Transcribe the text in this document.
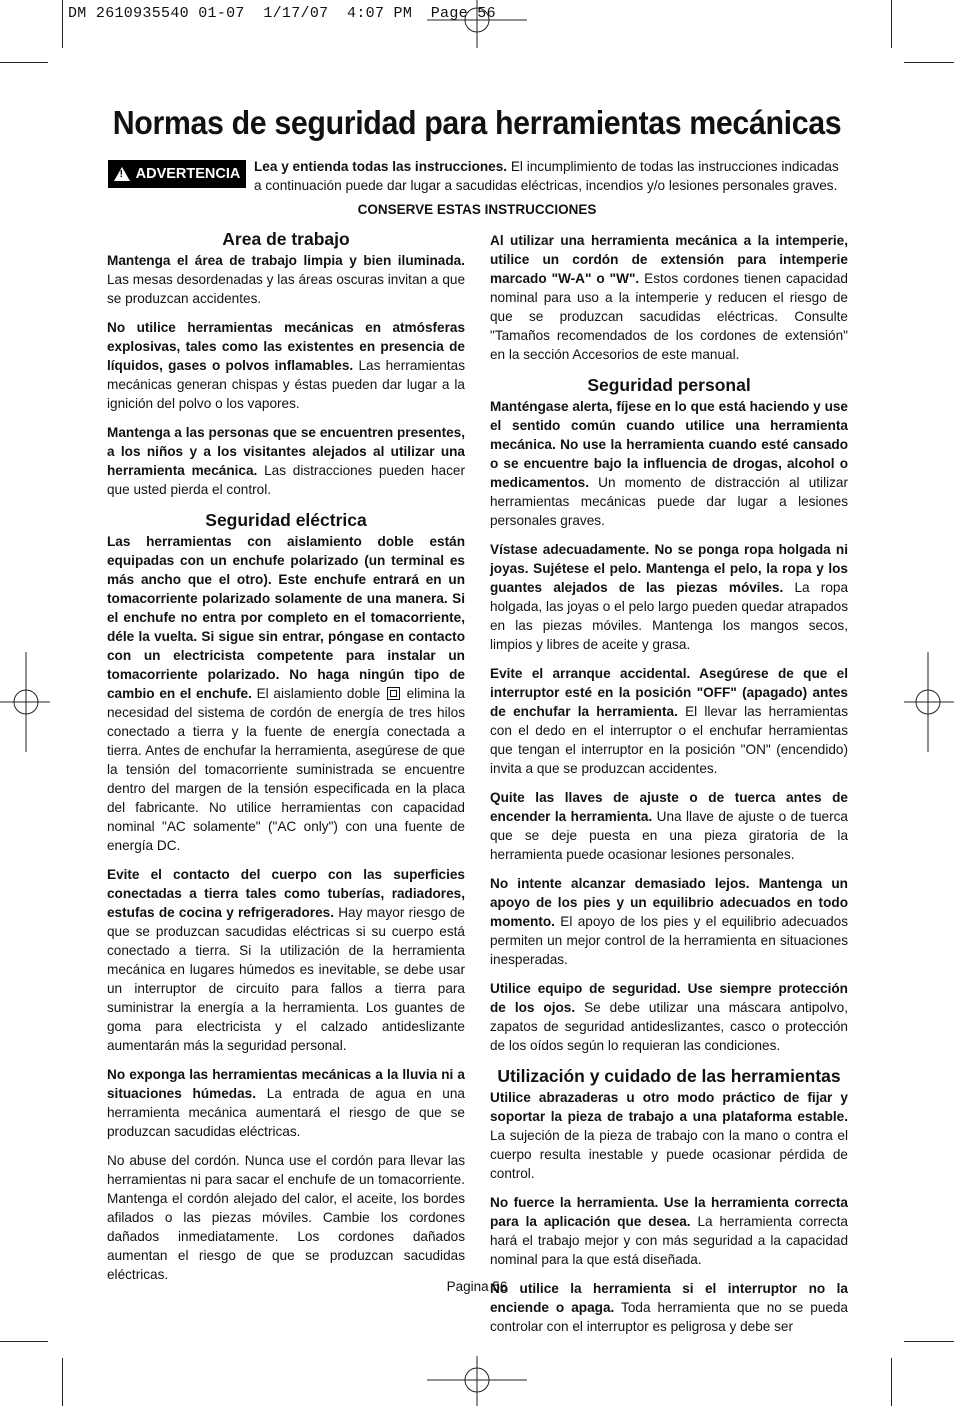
DM 2610935540 01-07  1/17/07  4:07 PM  Page 56
Normas de seguridad para herramientas mecánicas
! ADVERTENCIA Lea y entienda todas las instrucciones. El incumplimiento de todas las instrucciones indicadas a continuación puede dar lugar a sacudidas eléctricas, incendios y/o lesiones personales graves.
CONSERVE ESTAS INSTRUCCIONES
Area de trabajo

Mantenga el área de trabajo limpia y bien iluminada. Las mesas desordenadas y las áreas oscuras invitan a que se produzcan accidentes.

No utilice herramientas mecánicas en atmósferas explosivas, tales como las existentes en presencia de líquidos, gases o polvos inflamables. Las herramientas mecánicas generan chispas y éstas pueden dar lugar a la ignición del polvo o los vapores.

Mantenga a las personas que se encuentren presentes, a los niños y a los visitantes alejados al utilizar una herramienta mecánica. Las distracciones pueden hacer que usted pierda el control.

Seguridad eléctrica

Las herramientas con aislamiento doble están equipadas con un enchufe polarizado (un terminal es más ancho que el otro). Este enchufe entrará en un tomacorriente polarizado solamente de una manera. Si el enchufe no entra por completo en el tomacorriente, déle la vuelta. Si sigue sin entrar, póngase en contacto con un electricista competente para instalar un tomacorriente polarizado. No haga ningún tipo de cambio en el enchufe. El aislamiento doble  elimina la necesidad del sistema de cordón de energía de tres hilos conectado a tierra y la fuente de energía conectada a tierra. Antes de enchufar la herramienta, asegúrese de que la tensión del tomacorriente suministrada se encuentre dentro del margen de la tensión especificada en la placa del fabricante. No utilice herramientas con capacidad nominal "AC solamente" ("AC only") con una fuente de energía DC.

Evite el contacto del cuerpo con las superficies conectadas a tierra tales como tuberías, radiadores, estufas de cocina y refrigeradores. Hay mayor riesgo de que se produzcan sacudidas eléctricas si su cuerpo está conectado a tierra. Si la utilización de la herramienta mecánica en lugares húmedos es inevitable, se debe usar un interruptor de circuito para fallos a tierra para suministrar la energía a la herramienta. Los guantes de goma para electricista y el calzado antideslizante aumentarán más la seguridad personal.

No exponga las herramientas mecánicas a la lluvia ni a situaciones húmedas. La entrada de agua en una herramienta mecánica aumentará el riesgo de que se produzcan sacudidas eléctricas.

No abuse del cordón. Nunca use el cordón para llevar las herramientas ni para sacar el enchufe de un tomacorriente. Mantenga el cordón alejado del calor, el aceite, los bordes afilados o las piezas móviles. Cambie los cordones dañados inmediatamente. Los cordones dañados aumentan el riesgo de que se produzcan sacudidas eléctricas.

Al utilizar una herramienta mecánica a la intemperie, utilice un cordón de extensión para intemperie marcado "W-A" o "W". Estos cordones tienen capacidad nominal para uso a la intemperie y reducen el riesgo de que se produzcan sacudidas eléctricas. Consulte "Tamaños recomendados de los cordones de extensión" en la sección Accesorios de este manual.

Seguridad personal

Manténgase alerta, fíjese en lo que está haciendo y use el sentido común cuando utilice una herramienta mecánica. No use la herramienta cuando esté cansado o se encuentre bajo la influencia de drogas, alcohol o medicamentos. Un momento de distracción al utilizar herramientas mecánicas puede dar lugar a lesiones personales graves.

Vístase adecuadamente. No se ponga ropa holgada ni joyas. Sujétese el pelo. Mantenga el pelo, la ropa y los guantes alejados de las piezas móviles. La ropa holgada, las joyas o el pelo largo pueden quedar atrapados en las piezas móviles. Mantenga los mangos secos, limpios y libres de aceite y grasa.

Evite el arranque accidental. Asegúrese de que el interruptor esté en la posición "OFF" (apagado) antes de enchufar la herramienta. El llevar las herramientas con el dedo en el interruptor o el enchufar herramientas que tengan el interruptor en la posición "ON" (encendido) invita a que se produzcan accidentes.

Quite las llaves de ajuste o de tuerca antes de encender la herramienta. Una llave de ajuste o de tuerca que se deje puesta en una pieza giratoria de la herramienta puede ocasionar lesiones personales.

No intente alcanzar demasiado lejos. Mantenga un apoyo de los pies y un equilibrio adecuados en todo momento. El apoyo de los pies y el equilibrio adecuados permiten un mejor control de la herramienta en situaciones inesperadas.

Utilice equipo de seguridad. Use siempre protección de los ojos. Se debe utilizar una máscara antipolvo, zapatos de seguridad antideslizantes, casco o protección de los oídos según lo requieran las condiciones.

Utilización y cuidado de las herramientas

Utilice abrazaderas u otro modo práctico de fijar y soportar la pieza de trabajo a una plataforma estable. La sujeción de la pieza de trabajo con la mano o contra el cuerpo resulta inestable y puede ocasionar pérdida de control.

No fuerce la herramienta. Use la herramienta correcta para la aplicación que desea. La herramienta correcta hará el trabajo mejor y con más seguridad a la capacidad nominal para la que está diseñada.

No utilice la herramienta si el interruptor no la enciende o apaga. Toda herramienta que no se pueda controlar con el interruptor es peligrosa y debe ser

Pagina 56
